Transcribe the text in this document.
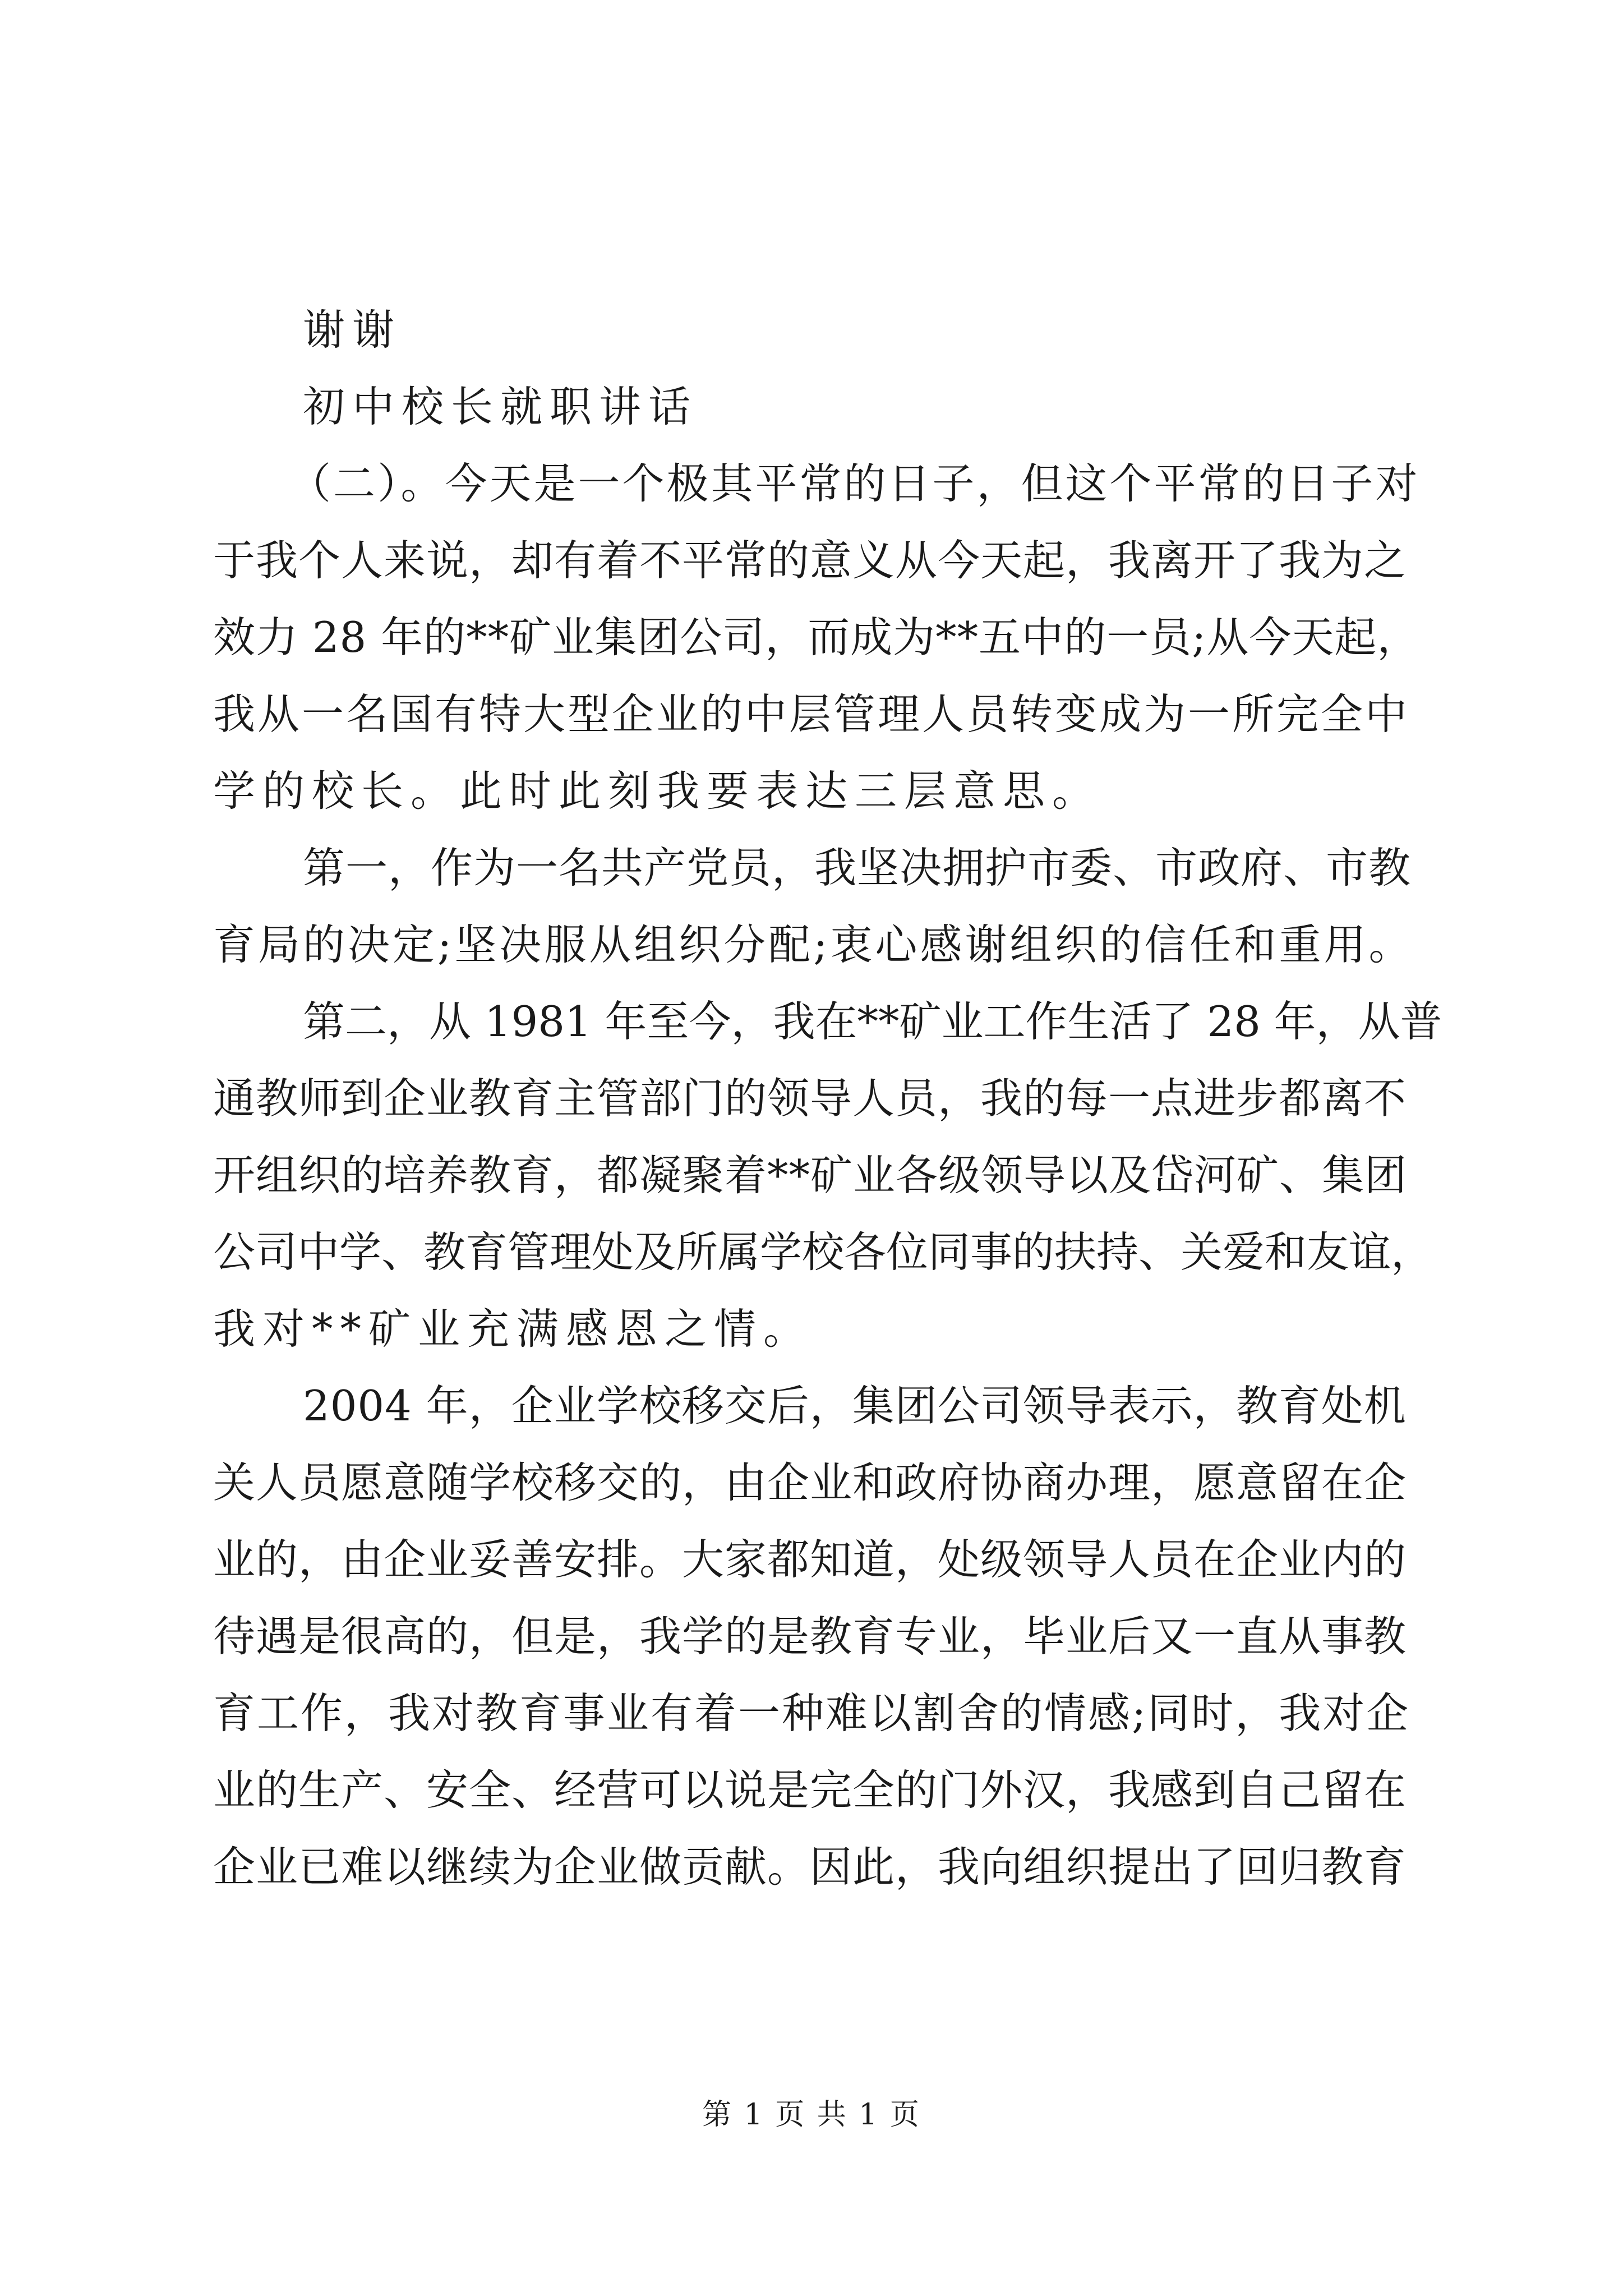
谢谢

初中校长就职讲话

（二）。今天是一个极其平常的日子，但这个平常的日子对

于我个人来说，却有着不平常的意义从今天起，我离开了我为之

效力 28 年的**矿业集团公司，而成为**五中的一员;从今天起，

我从一名国有特大型企业的中层管理人员转变成为一所完全中

学的校长。此时此刻我要表达三层意思。

第一，作为一名共产党员，我坚决拥护市委、市政府、市教

育局的决定;坚决服从组织分配;衷心感谢组织的信任和重用。

第二，从 1981 年至今，我在**矿业工作生活了 28 年，从普

通教师到企业教育主管部门的领导人员，我的每一点进步都离不

开组织的培养教育，都凝聚着**矿业各级领导以及岱河矿、集团

公司中学、教育管理处及所属学校各位同事的扶持、关爱和友谊，

我对**矿业充满感恩之情。

2004 年，企业学校移交后，集团公司领导表示，教育处机

关人员愿意随学校移交的，由企业和政府协商办理，愿意留在企

业的，由企业妥善安排。大家都知道，处级领导人员在企业内的

待遇是很高的，但是，我学的是教育专业，毕业后又一直从事教

育工作，我对教育事业有着一种难以割舍的情感;同时，我对企

业的生产、安全、经营可以说是完全的门外汉，我感到自己留在

企业已难以继续为企业做贡献。因此，我向组织提出了回归教育

第 1 页 共 1 页
